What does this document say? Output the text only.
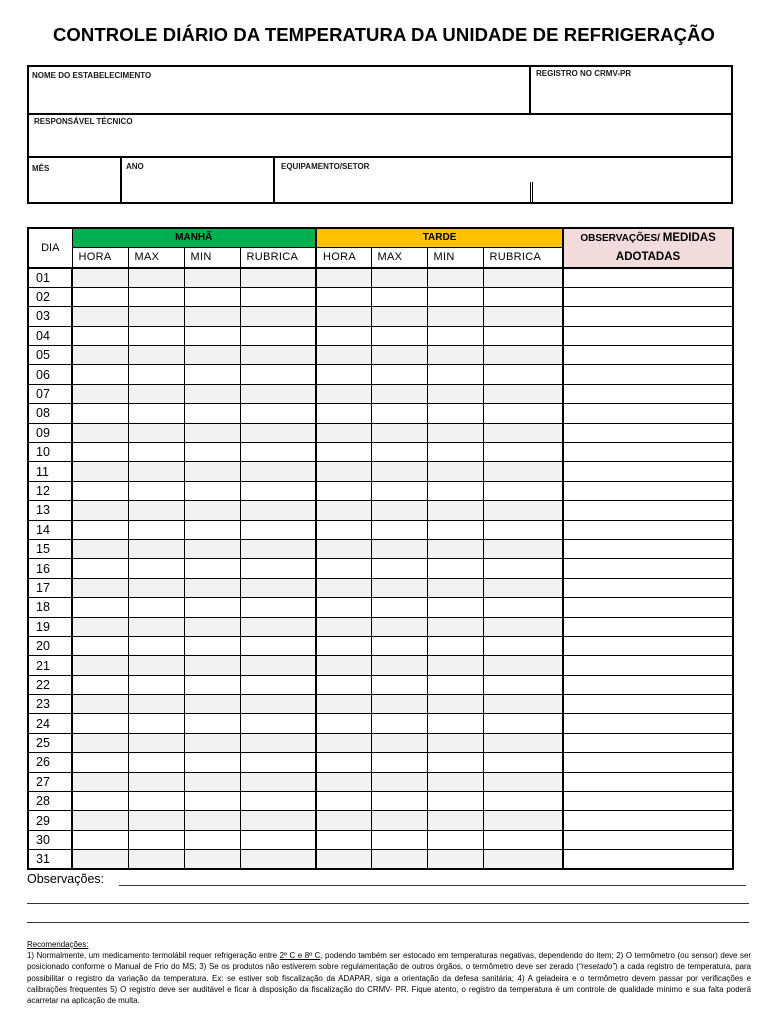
CONTROLE DIÁRIO DA TEMPERATURA DA UNIDADE DE REFRIGERAÇÃO
NOME DO ESTABELECIMENTO	REGISTRO NO CRMV-PR
RESPONSÁVEL TÉCNICO
MÊS	ANO	EQUIPAMENTO/SETOR
DIA	MANHÃ				TARDE				OBSERVAÇÕES/ MEDIDAS
ADOTADAS
	HORA	MAX	MIN	RUBRICA	HORA	MAX	MIN	RUBRICA	
01									
02									
03									
04									
05									
06									
07									
08									
09									
10									
11									
12									
13									
14									
15									
16									
17									
18									
19									
20									
21									
22									
23									
24									
25									
26									
27									
28									
29									
30									
31									
Observações:
Recomendações:
1) Normalmente, um medicamento termolábil requer refrigeração entre 2º C e 8º C, podendo também ser estocado em temperaturas negativas, dependendo do item; 2) O termômetro (ou sensor) deve ser posicionado conforme o Manual de Frio do MS; 3) Se os produtos não estiverem sobre regulamentação de outros órgãos, o termômetro deve ser zerado (“resetado”) a cada registro de temperatura, para possibilitar o registro da variação da temperatura. Ex: se estiver sob fiscalização da ADAPAR, siga a orientação da defesa sanitária; 4) A geladeira e o termômetro devem passar por verificações e calibrações frequentes 5) O registro deve ser auditável e ficar à disposição da fiscalização do CRMV- PR. Fique atento, o registro da temperatura é um controle de qualidade mínimo e sua falta poderá acarretar na aplicação de multa.
